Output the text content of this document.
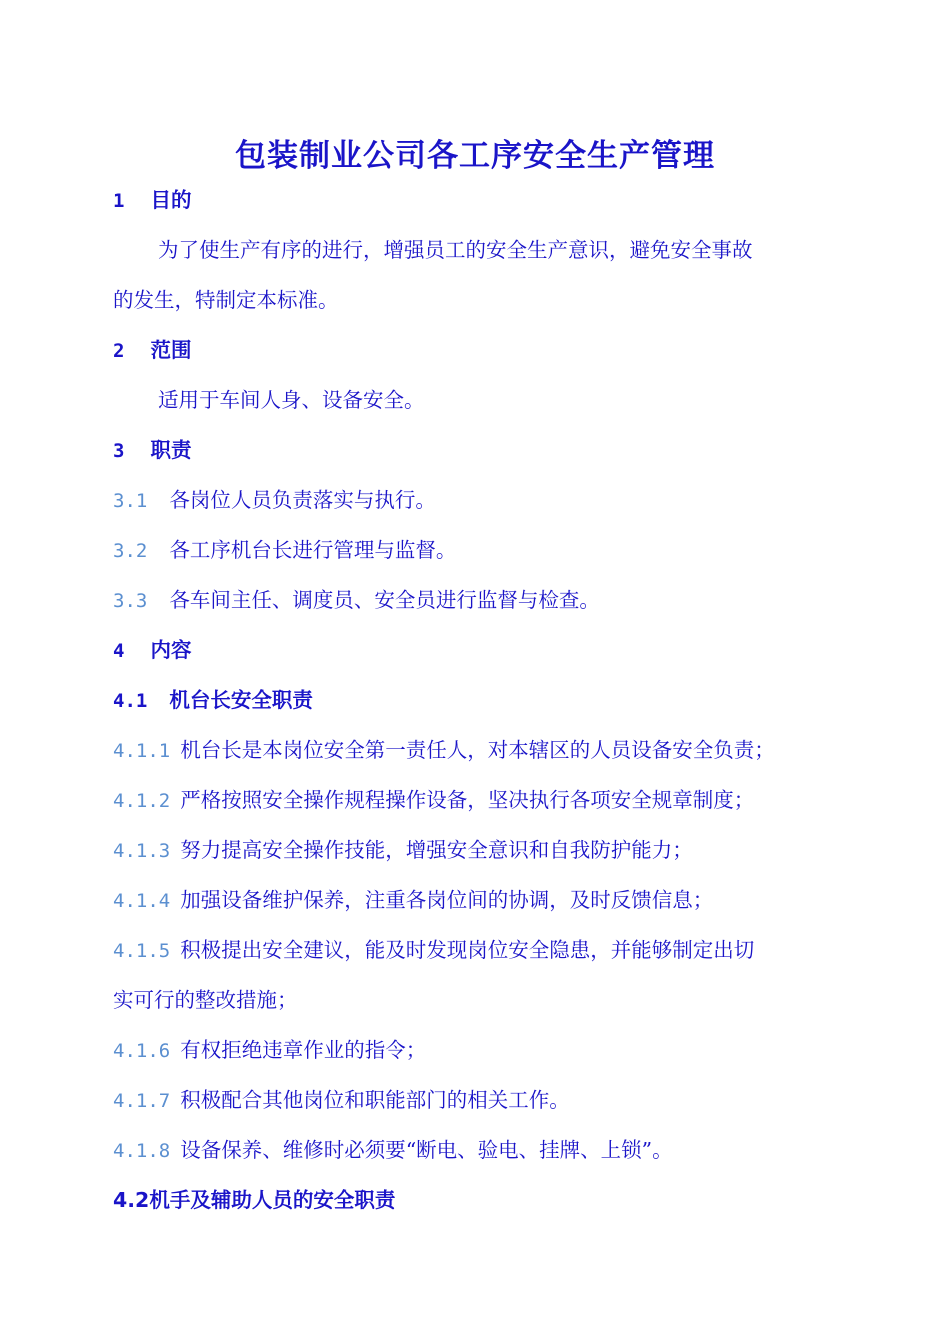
包装制业公司各工序安全生产管理
1 目的
为了使生产有序的进行，增强员工的安全生产意识，避免安全事故
的发生，特制定本标准。
2 范围
适用于车间人身、设备安全。
3 职责
3.1 各岗位人员负责落实与执行。
3.2 各工序机台长进行管理与监督。
3.3 各车间主任、调度员、安全员进行监督与检查。
4 内容
4.1 机台长安全职责
4.1.1 机台长是本岗位安全第一责任人，对本辖区的人员设备安全负责；
4.1.2 严格按照安全操作规程操作设备，坚决执行各项安全规章制度；
4.1.3 努力提高安全操作技能，增强安全意识和自我防护能力；
4.1.4 加强设备维护保养，注重各岗位间的协调，及时反馈信息；
4.1.5 积极提出安全建议，能及时发现岗位安全隐患，并能够制定出切
实可行的整改措施；
4.1.6 有权拒绝违章作业的指令；
4.1.7 积极配合其他岗位和职能部门的相关工作。
4.1.8 设备保养、维修时必须要“断电、验电、挂牌、上锁”。
4.2机手及辅助人员的安全职责
